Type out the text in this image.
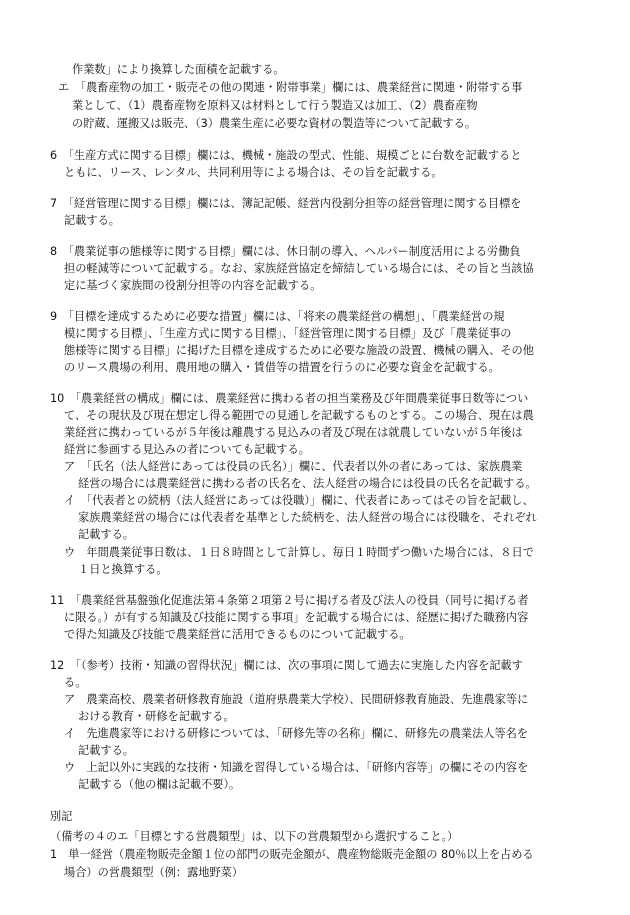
作業数」により換算した面積を記載する。
エ　「農畜産物の加工・販売その他の関連・附帯事業」欄には、農業経営に関連・附帯する事
業として、（1）農畜産物を原料又は材料として行う製造又は加工、（2）農畜産物
の貯蔵、運搬又は販売、（3）農業生産に必要な資材の製造等について記載する。
6　「生産方式に関する目標」欄には、機械・施設の型式、性能、規模ごとに台数を記載すると
ともに、リース、レンタル、共同利用等による場合は、その旨を記載する。
7　「経営管理に関する目標」欄には、簿記記帳、経営内役割分担等の経営管理に関する目標を
記載する。
8　「農業従事の態様等に関する目標」欄には、休日制の導入、ヘルパー制度活用による労働負
担の軽減等について記載する。なお、家族経営協定を締結している場合には、その旨と当該協
定に基づく家族間の役割分担等の内容を記載する。
9　「目標を達成するために必要な措置」欄には、「将来の農業経営の構想」、「農業経営の規
模に関する目標」、「生産方式に関する目標」、「経営管理に関する目標」及び「農業従事の
態様等に関する目標」に掲げた目標を達成するために必要な施設の設置、機械の購入、その他
のリース農場の利用、農用地の購入・賃借等の措置を行うのに必要な資金を記載する。
10　「農業経営の構成」欄には、農業経営に携わる者の担当業務及び年間農業従事日数等につい
て、その現状及び現在想定し得る範囲での見通しを記載するものとする。この場合、現在は農
業経営に携わっているが５年後は離農する見込みの者及び現在は就農していないが５年後は
経営に参画する見込みの者についても記載する。
ア　「氏名（法人経営にあっては役員の氏名）」欄に、代表者以外の者にあっては、家族農業
経営の場合には農業経営に携わる者の氏名を、法人経営の場合には役員の氏名を記載する。
イ　「代表者との続柄（法人経営にあっては役職）」欄に、代表者にあってはその旨を記載し、
家族農業経営の場合には代表者を基準とした続柄を、法人経営の場合には役職を、それぞれ
記載する。
ウ　年間農業従事日数は、１日８時間として計算し、毎日１時間ずつ働いた場合には、８日で
１日と換算する。
11　「農業経営基盤強化促進法第４条第２項第２号に掲げる者及び法人の役員（同号に掲げる者
に限る。）が有する知識及び技能に関する事項」を記載する場合には、経歴に掲げた職務内容
で得た知識及び技能で農業経営に活用できるものについて記載する。
12　「（参考）技術・知識の習得状況」欄には、次の事項に関して過去に実施した内容を記載す
る。
ア　農業高校、農業者研修教育施設（道府県農業大学校）、民間研修教育施設、先進農家等に
おける教育・研修を記載する。
イ　先進農家等における研修については、「研修先等の名称」欄に、研修先の農業法人等名を
記載する。
ウ　上記以外に実践的な技術・知識を習得している場合は、「研修内容等」の欄にその内容を
記載する（他の欄は記載不要）。
別記
（備考の４のエ「目標とする営農類型」は、以下の営農類型から選択すること。）
1　単一経営（農産物販売金額１位の部門の販売金額が、農産物総販売金額の 80％以上を占める
場合）の営農類型（例：露地野菜）
